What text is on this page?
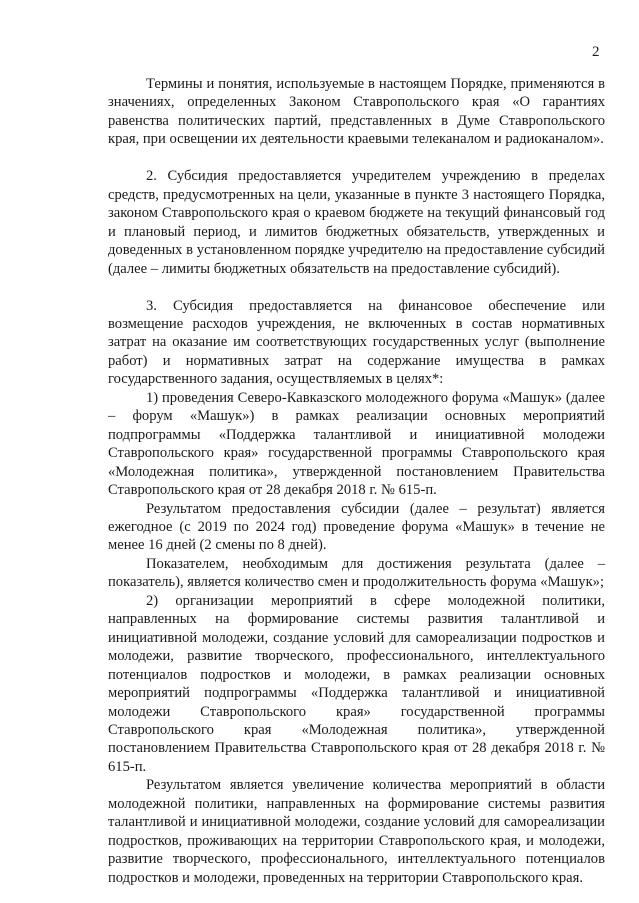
2

Термины и понятия, используемые в настоящем Порядке, применяются в значениях, определенных Законом Ставропольского края «О гарантиях равенства политических партий, представленных в Думе Ставропольского края, при освещении их деятельности краевыми телеканалом и радиоканалом».

2. Субсидия предоставляется учредителем учреждению в пределах средств, предусмотренных на цели, указанные в пункте 3 настоящего Порядка, законом Ставропольского края о краевом бюджете на текущий финансовый год и плановый период, и лимитов бюджетных обязательств, утвержденных и доведенных в установленном порядке учредителю на предоставление субсидий (далее – лимиты бюджетных обязательств на предоставление субсидий).

3. Субсидия предоставляется на финансовое обеспечение или возмещение расходов учреждения, не включенных в состав нормативных затрат на оказание им соответствующих государственных услуг (выполнение работ) и нормативных затрат на содержание имущества в рамках государственного задания, осуществляемых в целях*:

1) проведения Северо-Кавказского молодежного форума «Машук» (далее – форум «Машук») в рамках реализации основных мероприятий подпрограммы «Поддержка талантливой и инициативной молодежи Ставропольского края» государственной программы Ставропольского края «Молодежная политика», утвержденной постановлением Правительства Ставропольского края от 28 декабря 2018 г. № 615-п.

Результатом предоставления субсидии (далее – результат) является ежегодное (с 2019 по 2024 год) проведение форума «Машук» в течение не менее 16 дней (2 смены по 8 дней).

Показателем, необходимым для достижения результата (далее – показатель), является количество смен и продолжительность форума «Машук»;

2) организации мероприятий в сфере молодежной политики, направленных на формирование системы развития талантливой и инициативной молодежи, создание условий для самореализации подростков и молодежи, развитие творческого, профессионального, интеллектуального потенциалов подростков и молодежи, в рамках реализации основных мероприятий подпрограммы «Поддержка талантливой и инициативной молодежи Ставропольского края» государственной программы Ставропольского края «Молодежная политика», утвержденной постановлением Правительства Ставропольского края от 28 декабря 2018 г. № 615-п.

Результатом является увеличение количества мероприятий в области молодежной политики, направленных на формирование системы развития талантливой и инициативной молодежи, создание условий для самореализации подростков, проживающих на территории Ставропольского края, и молодежи, развитие творческого, профессионального, интеллектуального потенциалов подростков и молодежи, проведенных на территории Ставропольского края.
